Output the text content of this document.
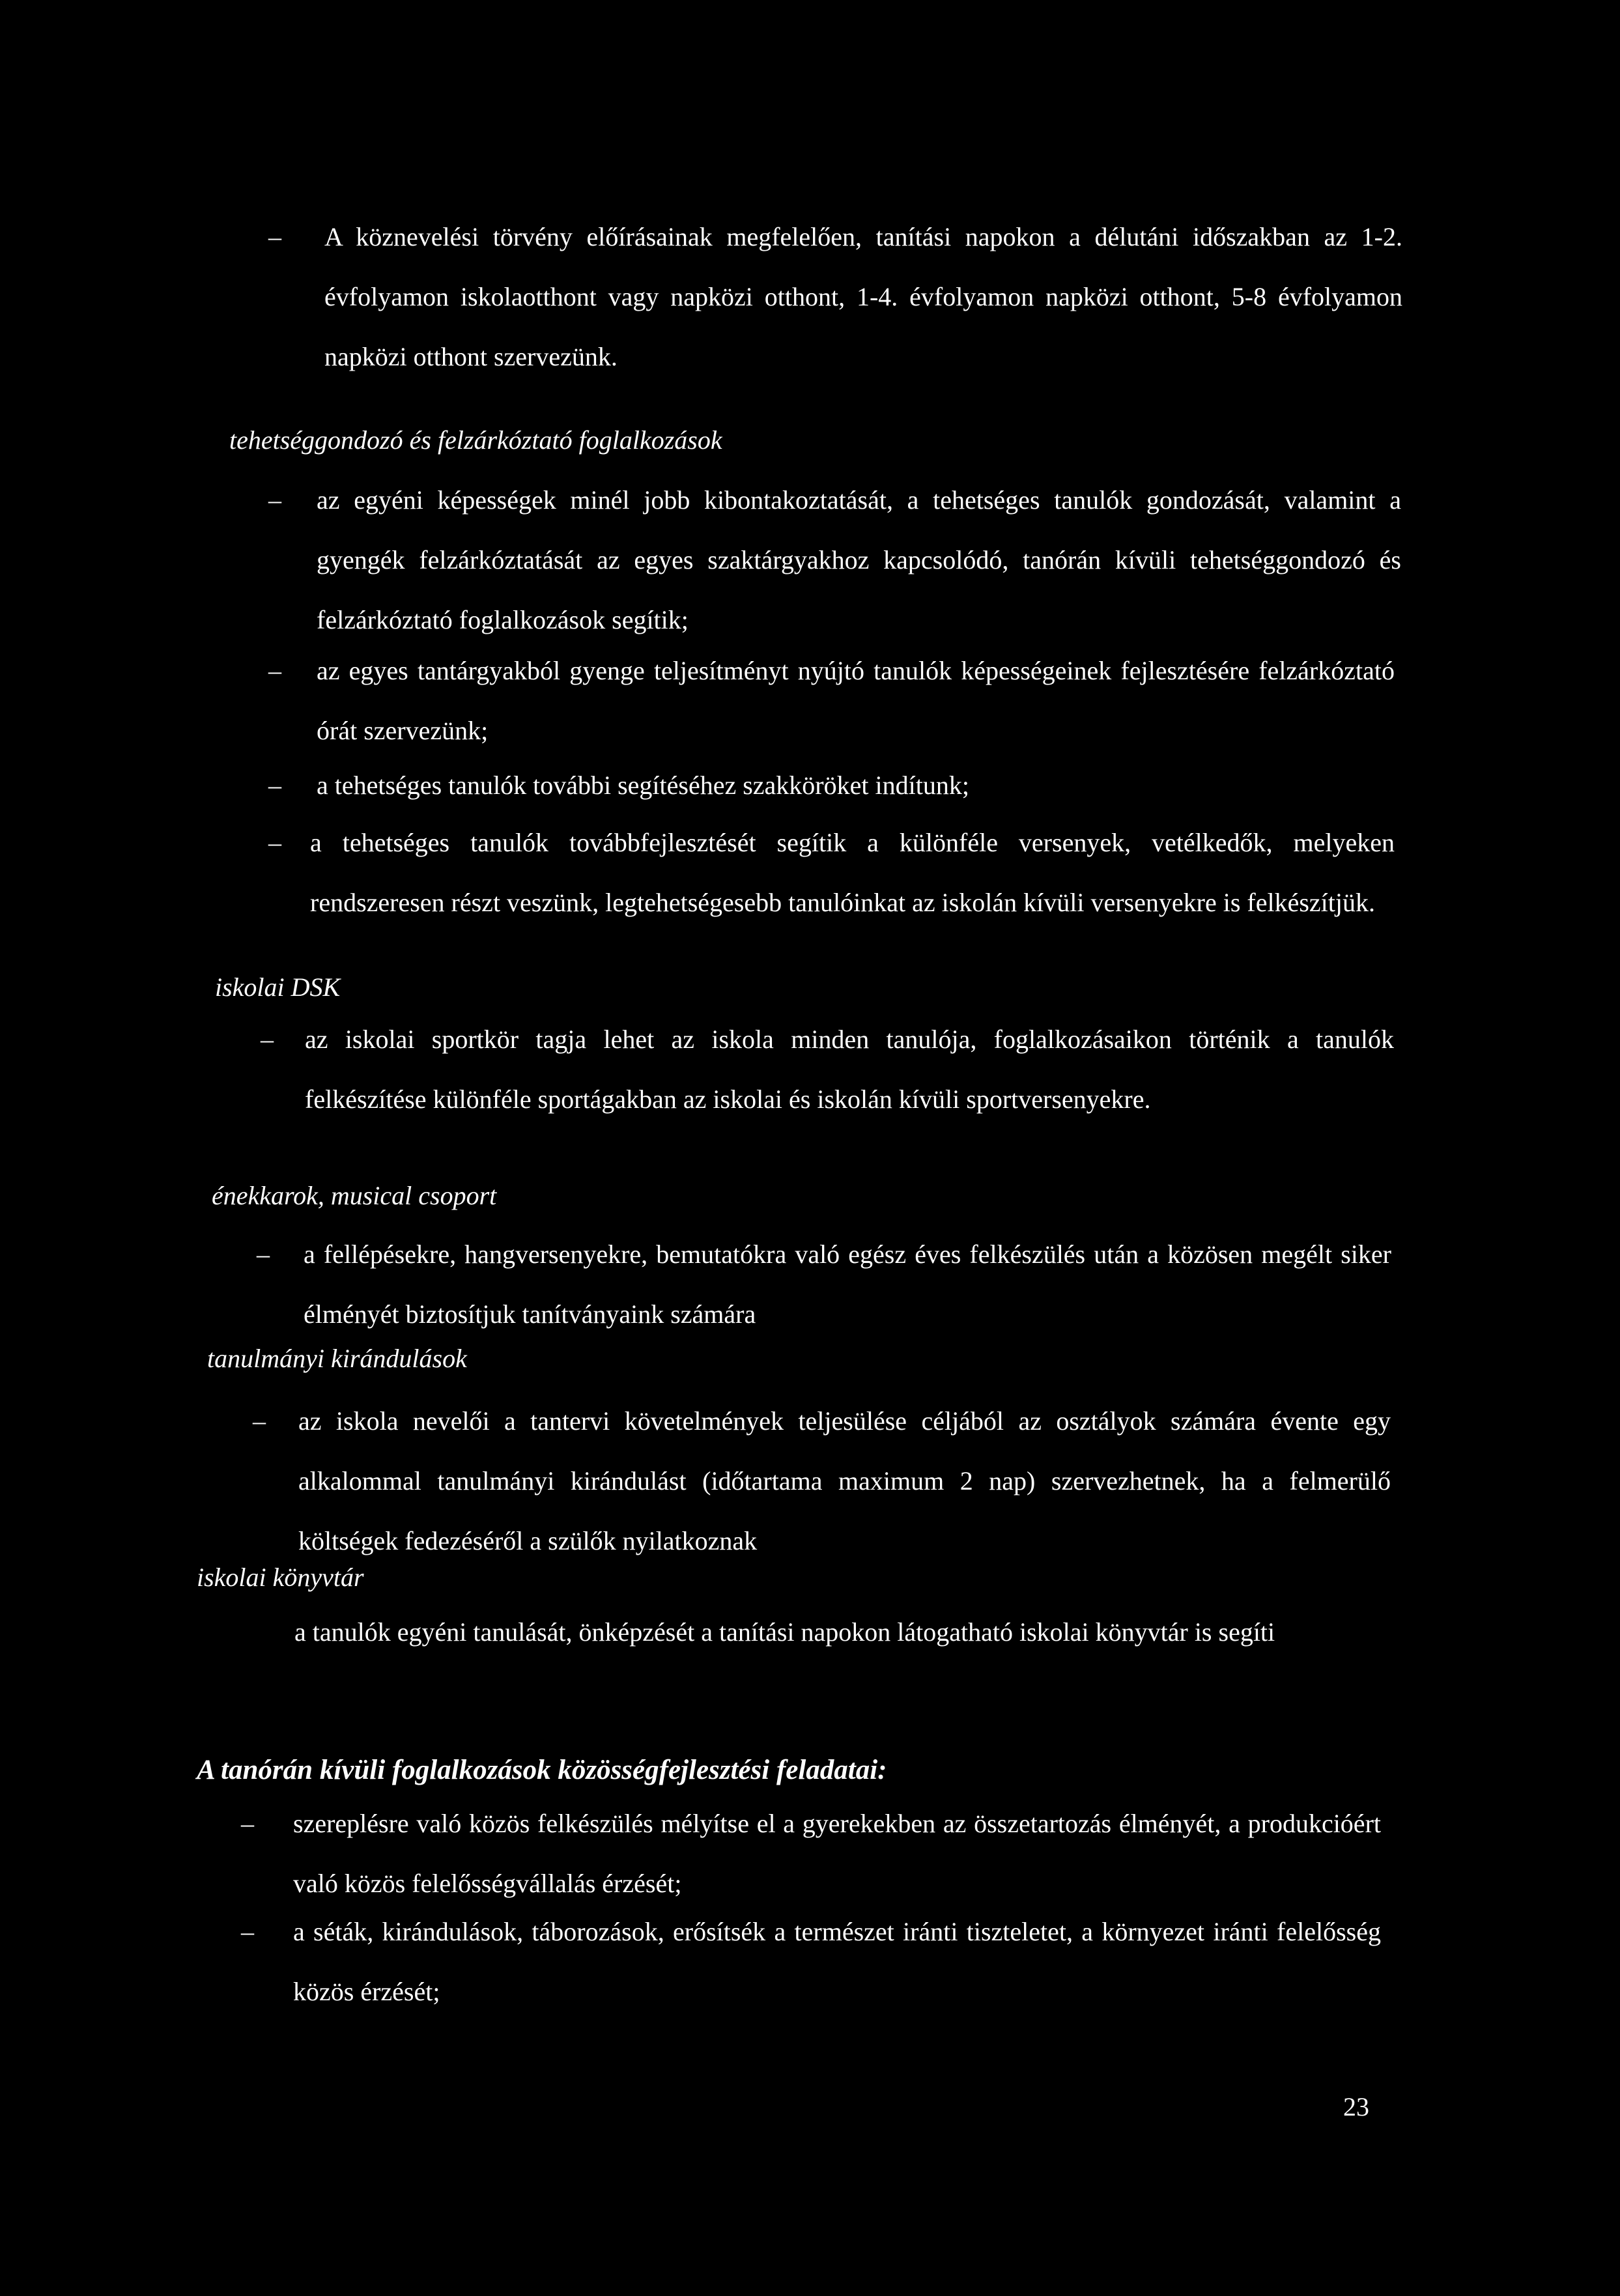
– A köznevelési törvény előírásainak megfelelően, tanítási napokon a délutáni időszakban az 1-2. évfolyamon iskolaotthont vagy napközi otthont, 1-4. évfolyamon napközi otthont, 5-8 évfolyamon napközi otthont szervezünk.
tehetséggondozó és felzárkóztató foglalkozások
– az egyéni képességek minél jobb kibontakoztatását, a tehetséges tanulók gondozását, valamint a gyengék felzárkóztatását az egyes szaktárgyakhoz kapcsolódó, tanórán kívüli tehetséggondozó és felzárkóztató foglalkozások segítik;
– az egyes tantárgyakból gyenge teljesítményt nyújtó tanulók képességeinek fejlesztésére felzárkóztató órát szervezünk;
– a tehetséges tanulók további segítéséhez szakköröket indítunk;
– a tehetséges tanulók továbbfejlesztését segítik a különféle versenyek, vetélkedők, melyeken rendszeresen részt veszünk, legtehetségesebb tanulóinkat az iskolán kívüli versenyekre is felkészítjük.
iskolai DSK
– az iskolai sportkör tagja lehet az iskola minden tanulója, foglalkozásaikon történik a tanulók felkészítése különféle sportágakban az iskolai és iskolán kívüli sportversenyekre.
énekkarok, musical csoport
– a fellépésekre, hangversenyekre, bemutatókra való egész éves felkészülés után a közösen megélt siker élményét biztosítjuk tanítványaink számára
tanulmányi kirándulások
– az iskola nevelői a tantervi követelmények teljesülése céljából az osztályok számára évente egy alkalommal tanulmányi kirándulást (időtartama maximum 2 nap) szervezhetnek, ha a felmerülő költségek fedezéséről a szülők nyilatkoznak
iskolai könyvtár
a tanulók egyéni tanulását, önképzését a tanítási napokon látogatható iskolai könyvtár is segíti
A tanórán kívüli foglalkozások közösségfejlesztési feladatai:
– szereplésre való közös felkészülés mélyítse el a gyerekekben az összetartozás élményét, a produkcióért való közös felelősségvállalás érzését;
– a séták, kirándulások, táborozások, erősítsék a természet iránti tiszteletet, a környezet iránti felelősség közös érzését;
23
